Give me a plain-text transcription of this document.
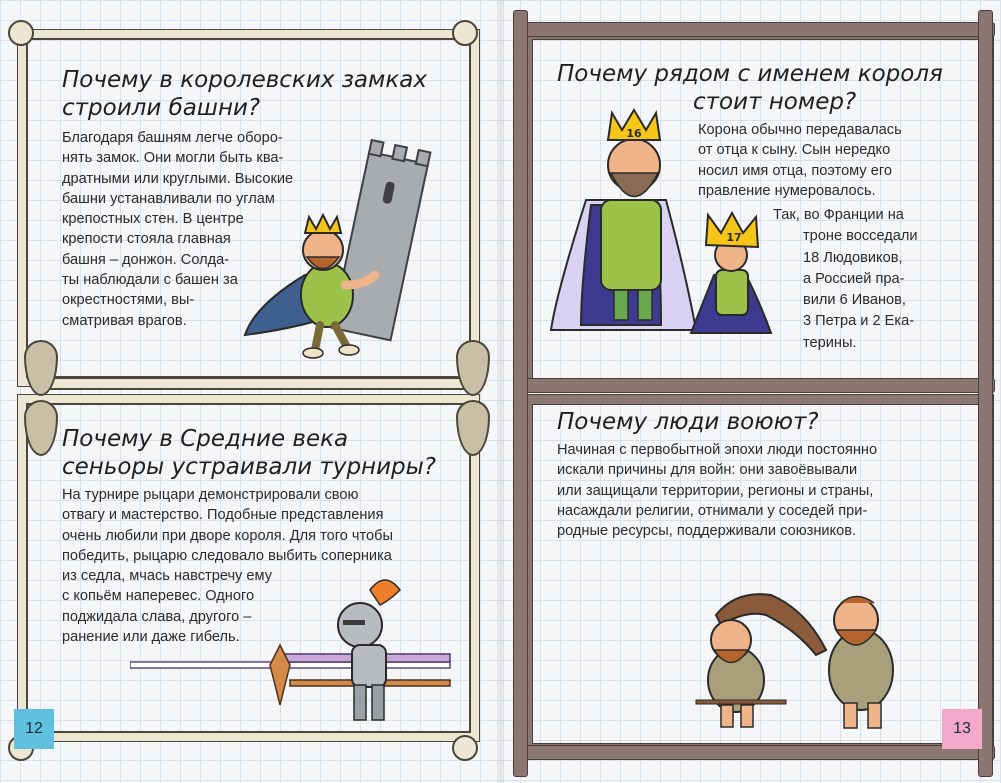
Почему в королевских замках
строили башни?
Благодаря башням легче оборо-
нять замок. Они могли быть ква-
дратными или круглыми. Высокие
башни устанавливали по углам
крепостных стен. В центре
крепости стояла главная
башня – донжон. Солда-
ты наблюдали с башен за
окрестностями, вы-
сматривая врагов.
Почему в Средние века
сеньоры устраивали турниры?
На турнире рыцари демонстрировали свою
отвагу и мастерство. Подобные представления
очень любили при дворе короля. Для того чтобы
победить, рыцарю следовало выбить соперника
из седла, мчась навстречу ему
с копьём наперевес. Одного
поджидала слава, другого –
ранение или даже гибель.
12
Почему рядом с именем короля
стоит номер?
Корона обычно передавалась
от отца к сыну. Сын нередко
носил имя отца, поэтому его
правление нумеровалось.
Так, во Франции на
троне восседали
18 Людовиков,
а Россией пра-
вили 6 Иванов,
3 Петра и 2 Ека-
терины.
16
17
Почему люди воюют?
Начиная с первобытной эпохи люди постоянно
искали причины для войн: они завоёвывали
или защищали территории, регионы и страны,
насаждали религии, отнимали у соседей при-
родные ресурсы, поддерживали союзников.
13
